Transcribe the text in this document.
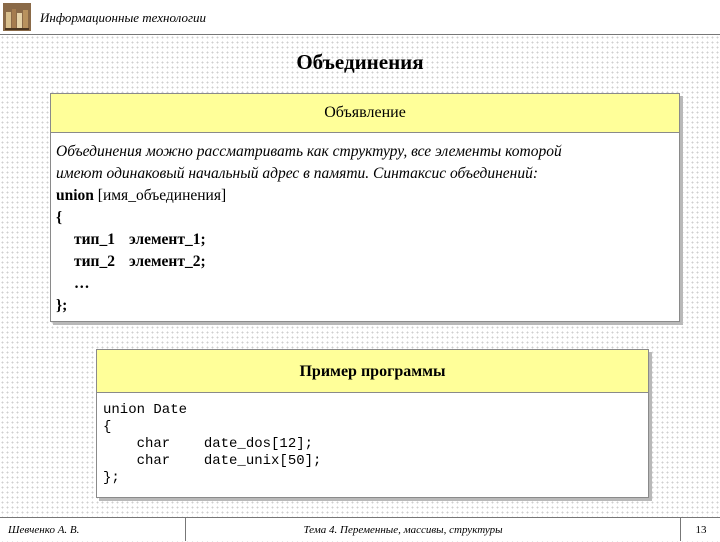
Информационные технологии
Объединения
Объявление
Объединения можно рассматривать как структуру, все элементы которой
имеют одинаковый начальный адрес в памяти. Синтаксис объединений:
union [имя_объединения]
{
тип_1 элемент_1;
тип_2 элемент_2;
…
};
Пример программы
union Date
{
char    date_dos[12];
char    date_unix[50];
};
Шевченко А. В.	Тема 4. Переменные, массивы, структуры	13
